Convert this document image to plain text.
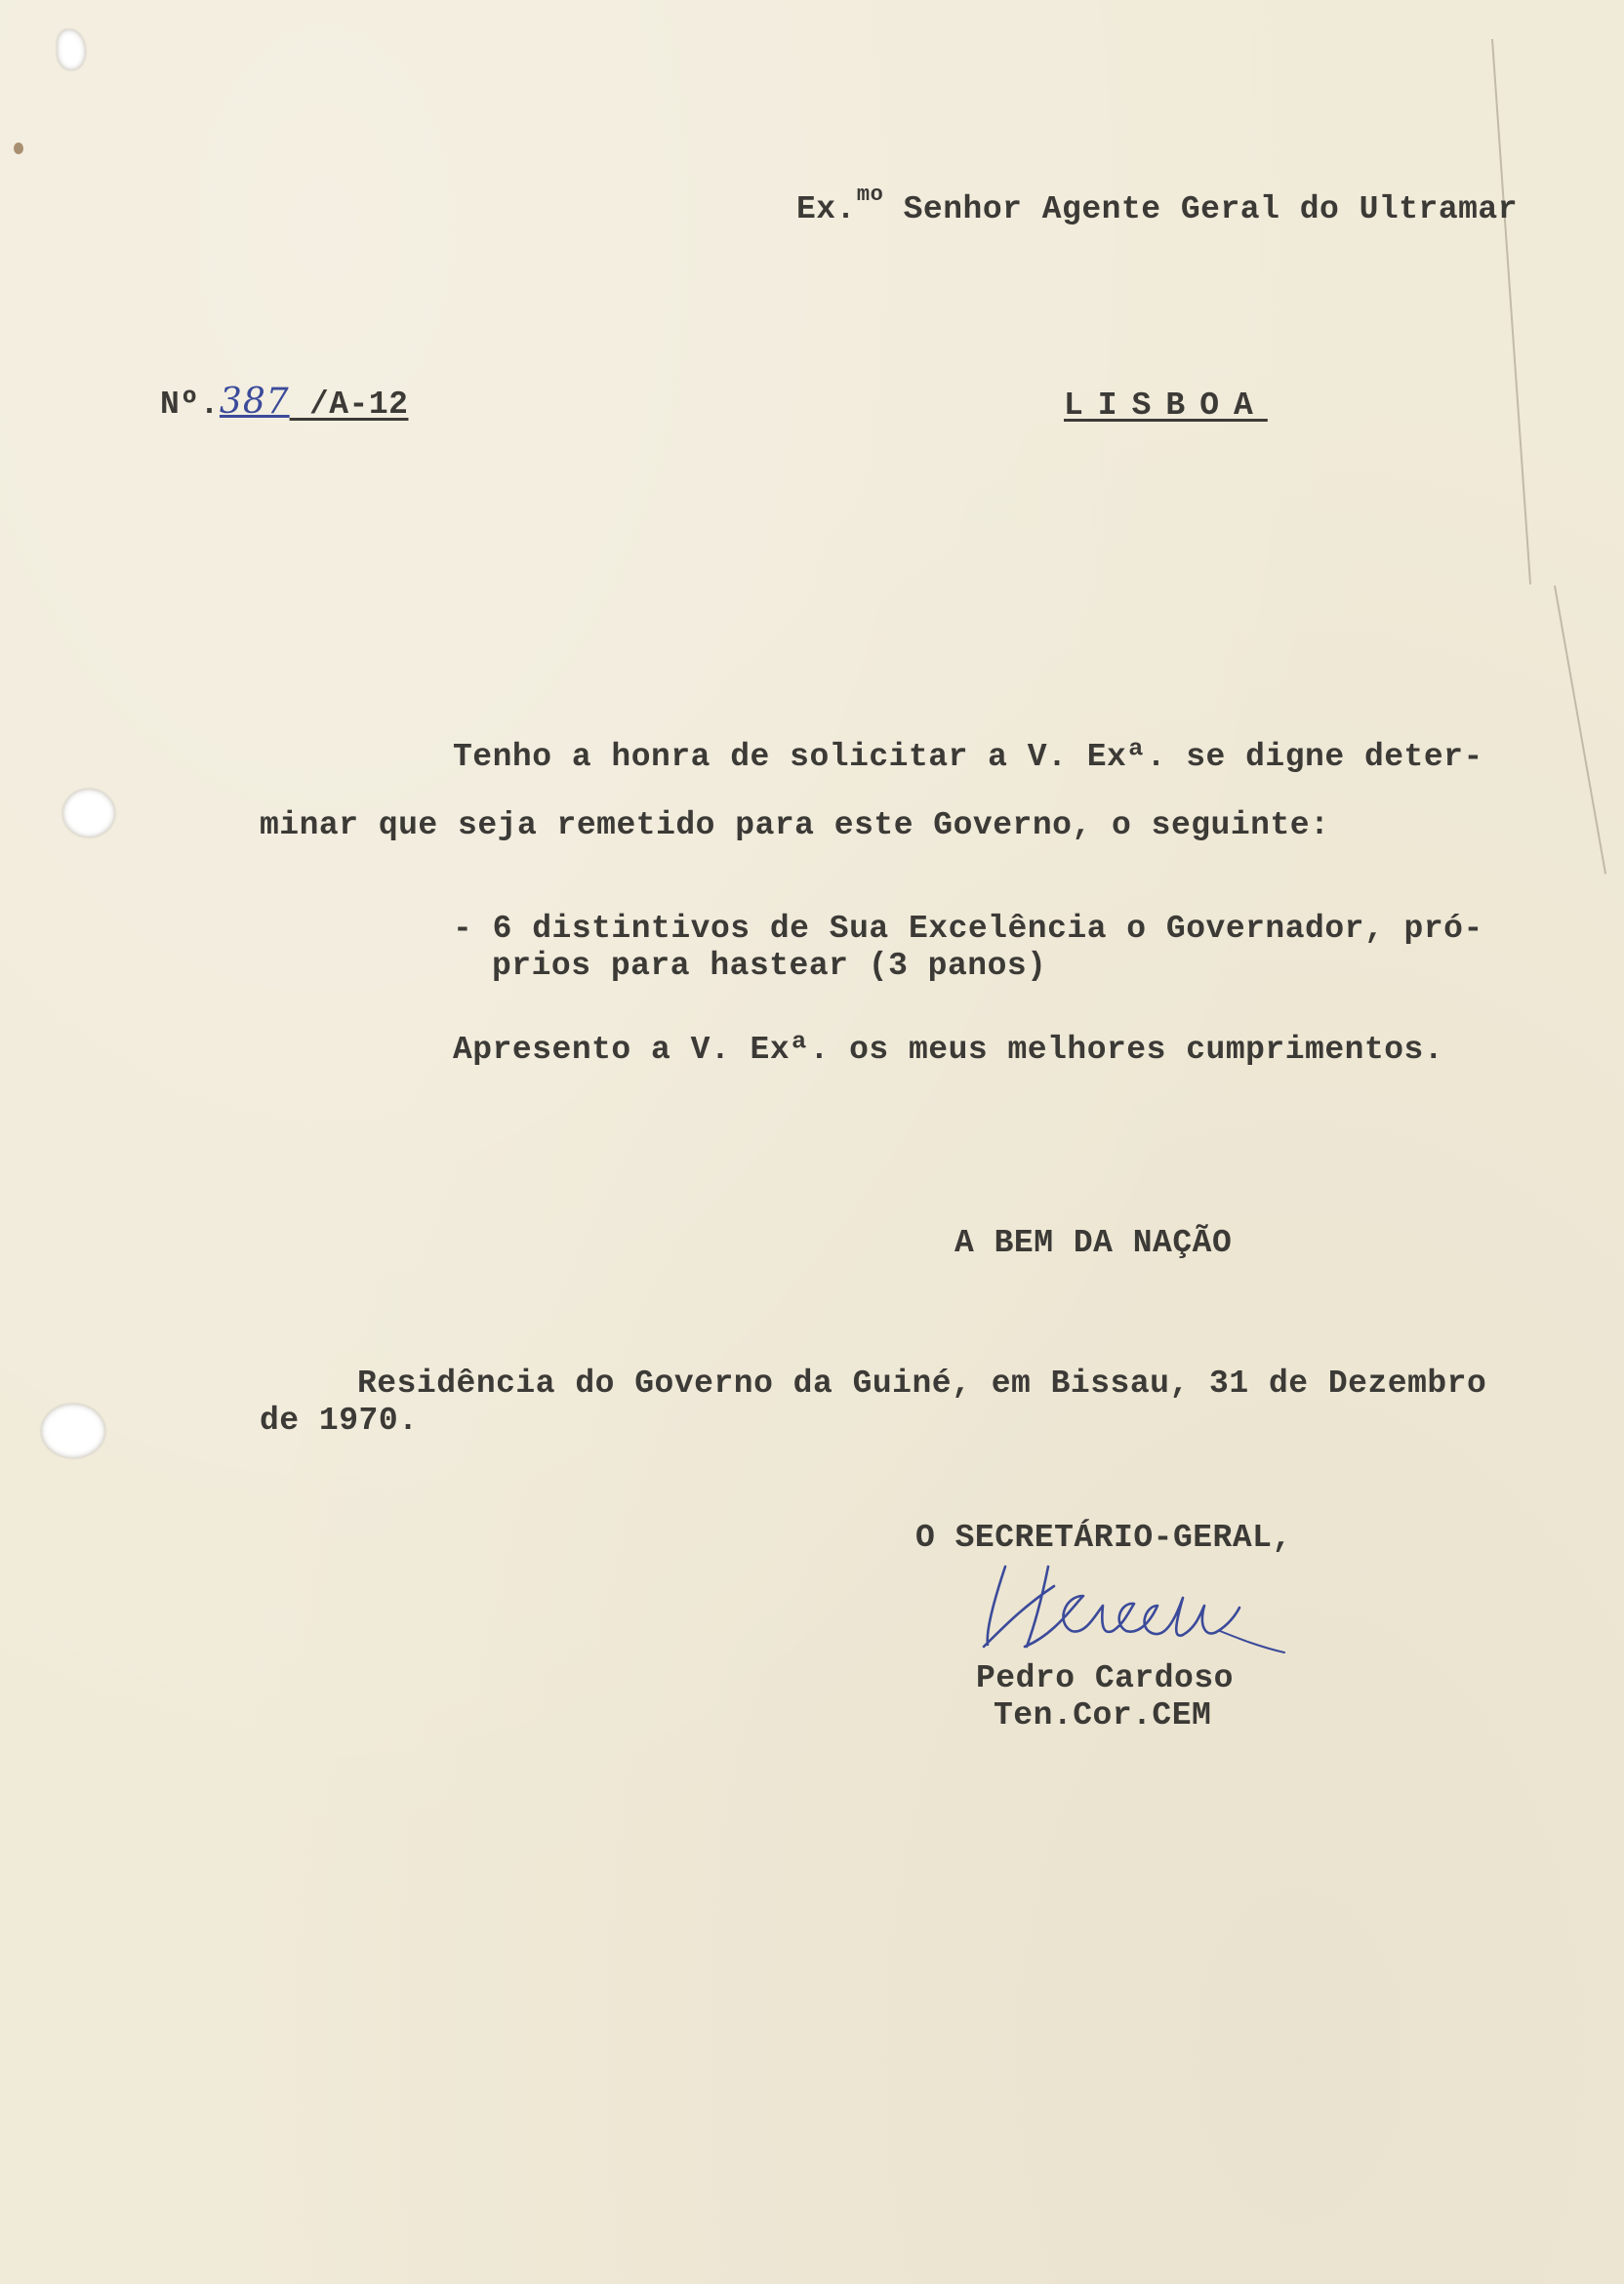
Ex.$^{mo}$ Senhor Agente Geral do Ultramar
Nº.387 /A-12	LISBOA
Tenho a honra de solicitar a V. Exª. se digne deter-
minar que seja remetido para este Governo, o seguinte:
- 6 distintivos de Sua Excelência o Governador, pró-
prios para hastear (3 panos)
Apresento a V. Exª. os meus melhores cumprimentos.
A BEM DA NAÇÃO
Residência do Governo da Guiné, em Bissau, 31 de Dezembro
de 1970.
O SECRETÁRIO-GERAL,
Pedro Cardoso
Ten.Cor.CEM
